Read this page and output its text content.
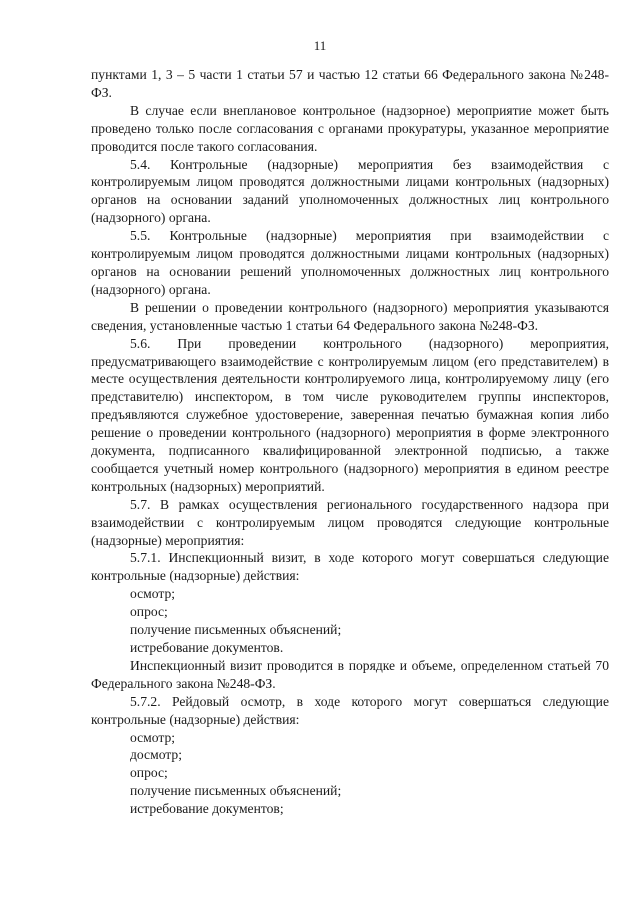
11

пунктами 1, 3 – 5 части 1 статьи 57 и частью 12 статьи 66 Федерального закона №248-ФЗ.

В случае если внеплановое контрольное (надзорное) мероприятие может быть проведено только после согласования с органами прокуратуры, указанное мероприятие проводится после такого согласования.

5.4. Контрольные (надзорные) мероприятия без взаимодействия с контролируемым лицом проводятся должностными лицами контрольных (надзорных) органов на основании заданий уполномоченных должностных лиц контрольного (надзорного) органа.

5.5. Контрольные (надзорные) мероприятия при взаимодействии с контролируемым лицом проводятся должностными лицами контрольных (надзорных) органов на основании решений уполномоченных должностных лиц контрольного (надзорного) органа.

В решении о проведении контрольного (надзорного) мероприятия указываются сведения, установленные частью 1 статьи 64 Федерального закона №248-ФЗ.

5.6. При проведении контрольного (надзорного) мероприятия, предусматривающего взаимодействие с контролируемым лицом (его представителем) в месте осуществления деятельности контролируемого лица, контролируемому лицу (его представителю) инспектором, в том числе руководителем группы инспекторов, предъявляются служебное удостоверение, заверенная печатью бумажная копия либо решение о проведении контрольного (надзорного) мероприятия в форме электронного документа, подписанного квалифицированной электронной подписью, а также сообщается учетный номер контрольного (надзорного) мероприятия в едином реестре контрольных (надзорных) мероприятий.

5.7. В рамках осуществления регионального государственного надзора при взаимодействии с контролируемым лицом проводятся следующие контрольные (надзорные) мероприятия:

5.7.1. Инспекционный визит, в ходе которого могут совершаться следующие контрольные (надзорные) действия:

осмотр;

опрос;

получение письменных объяснений;

истребование документов.

Инспекционный визит проводится в порядке и объеме, определенном статьей 70 Федерального закона №248-ФЗ.

5.7.2. Рейдовый осмотр, в ходе которого могут совершаться следующие контрольные (надзорные) действия:

осмотр;

досмотр;

опрос;

получение письменных объяснений;

истребование документов;
